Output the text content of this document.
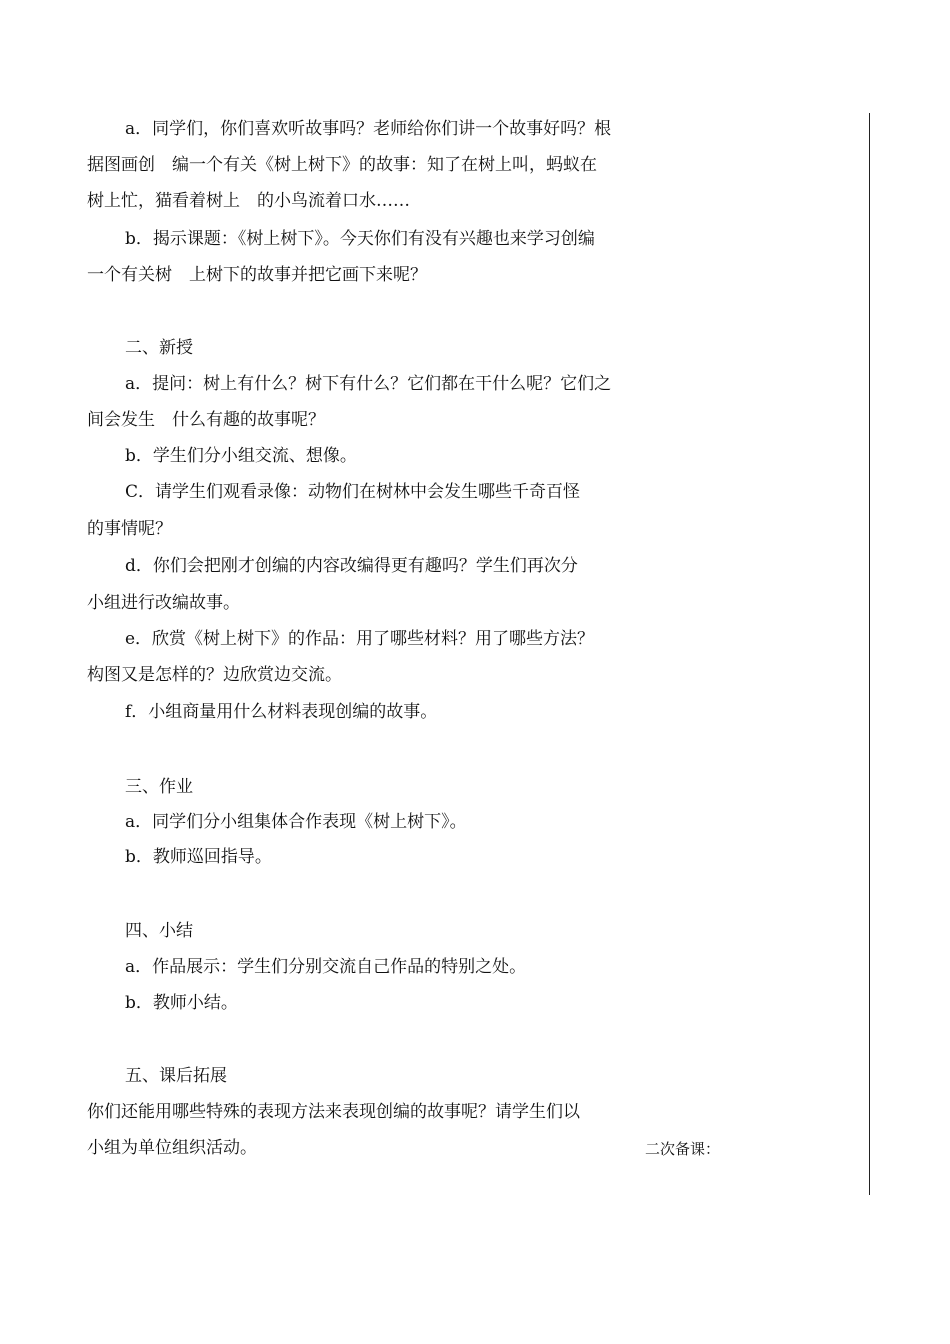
a．同学们，你们喜欢听故事吗？老师给你们讲一个故事好吗？根
据图画创　编一个有关《树上树下》的故事：知了在树上叫，蚂蚁在
树上忙，猫看着树上　的小鸟流着口水……
b．揭示课题：《树上树下》。今天你们有没有兴趣也来学习创编
一个有关树　上树下的故事并把它画下来呢？
二、新授
a．提问：树上有什么？树下有什么？它们都在干什么呢？它们之
间会发生　什么有趣的故事呢？
b．学生们分小组交流、想像。
C．请学生们观看录像：动物们在树林中会发生哪些千奇百怪
的事情呢？
d．你们会把刚才创编的内容改编得更有趣吗？学生们再次分
小组进行改编故事。
e．欣赏《树上树下》的作品：用了哪些材料？用了哪些方法？
构图又是怎样的？边欣赏边交流。
f．小组商量用什么材料表现创编的故事。
三、作业
a．同学们分小组集体合作表现《树上树下》。
b．教师巡回指导。
四、小结
a．作品展示：学生们分别交流自己作品的特别之处。
b．教师小结。
五、课后拓展
你们还能用哪些特殊的表现方法来表现创编的故事呢？请学生们以
小组为单位组织活动。	二次备课：
